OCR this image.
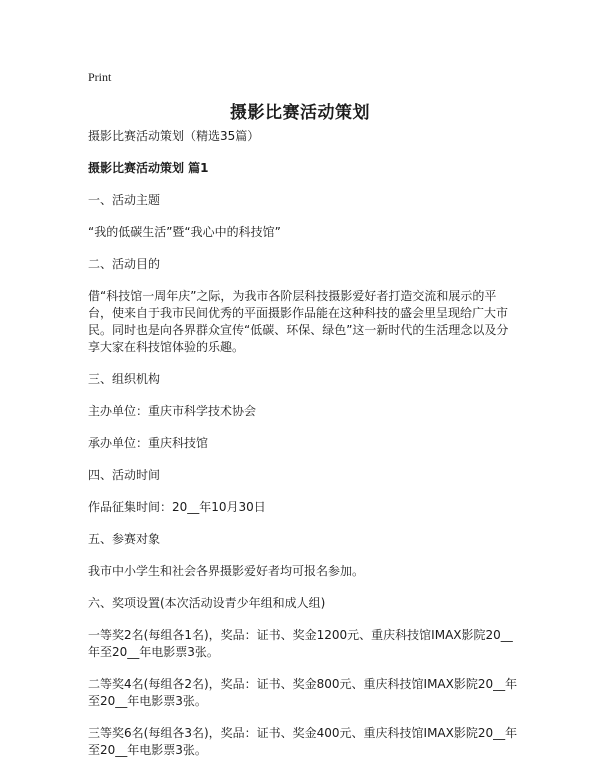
Print
摄影比赛活动策划

摄影比赛活动策划（精选35篇）

摄影比赛活动策划 篇1

一、活动主题

“我的低碳生活”暨“我心中的科技馆”

二、活动目的

借“科技馆一周年庆”之际，为我市各阶层科技摄影爱好者打造交流和展示的平台，使来自于我市民间优秀的平面摄影作品能在这种科技的盛会里呈现给广大市民。同时也是向各界群众宣传“低碳、环保、绿色”这一新时代的生活理念以及分享大家在科技馆体验的乐趣。

三、组织机构

主办单位：重庆市科学技术协会

承办单位：重庆科技馆

四、活动时间

作品征集时间：20__年10月30日

五、参赛对象

我市中小学生和社会各界摄影爱好者均可报名参加。

六、奖项设置(本次活动设青少年组和成人组)

一等奖2名(每组各1名)，奖品：证书、奖金1200元、重庆科技馆IMAX影院20__年至20__年电影票3张。

二等奖4名(每组各2名)，奖品：证书、奖金800元、重庆科技馆IMAX影院20__年至20__年电影票3张。

三等奖6名(每组各3名)，奖品：证书、奖金400元、重庆科技馆IMAX影院20__年至20__年电影票3张。
